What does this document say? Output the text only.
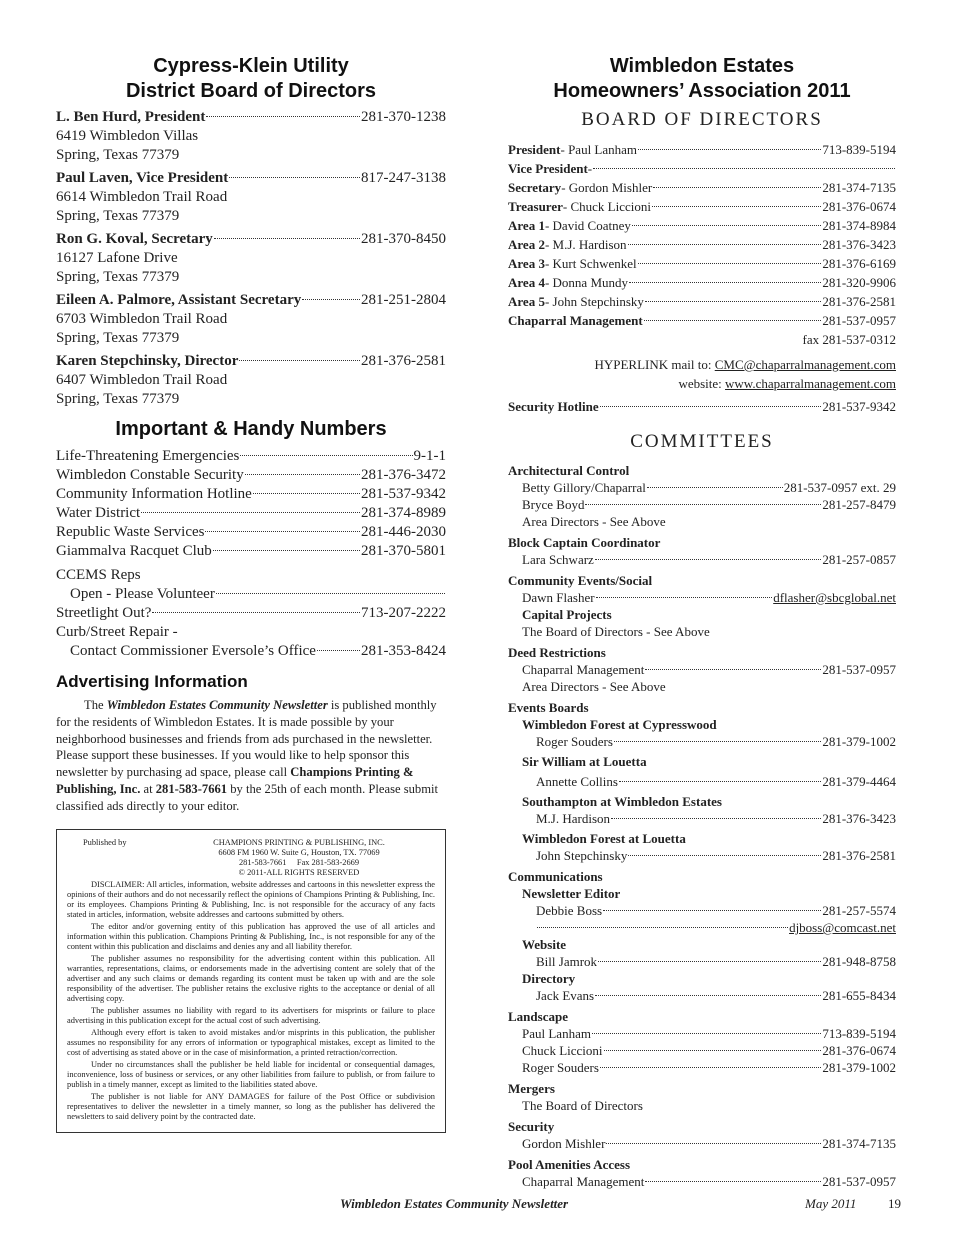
Cypress-Klein Utility
District Board of Directors
L. Ben Hurd, President	281-370-1238
6419 Wimbledon Villas
Spring, Texas 77379
Paul Laven, Vice President	817-247-3138
6614 Wimbledon Trail Road
Spring, Texas 77379
Ron G. Koval, Secretary	281-370-8450
16127 Lafone Drive
Spring, Texas 77379
Eileen A. Palmore, Assistant Secretary	281-251-2804
6703 Wimbledon Trail Road
Spring, Texas 77379
Karen Stepchinsky, Director	281-376-2581
6407 Wimbledon Trail Road
Spring, Texas 77379
Important & Handy Numbers
Life-Threatening Emergencies	9-1-1
Wimbledon Constable Security	281-376-3472
Community Information Hotline	281-537-9342
Water District	281-374-8989
Republic Waste Services	281-446-2030
Giammalva Racquet Club	281-370-5801
CCEMS Reps
Open - Please Volunteer
Streetlight Out?	713-207-2222
Curb/Street Repair -
Contact Commissioner Eversole’s Office	281-353-8424
Advertising Information
The Wimbledon Estates Community Newsletter is published monthly for the residents of Wimbledon Estates. It is made possible by your neighborhood businesses and friends from ads purchased in the newsletter. Please support these businesses. If you would like to help sponsor this newsletter by purchasing ad space, please call Champions Printing & Publishing, Inc. at 281-583-7661 by the 25th of each month. Please submit classified ads directly to your editor.
Published by	CHAMPIONS PRINTING & PUBLISHING, INC.
6608 FM 1960 W. Suite G, Houston, TX. 77069
281-583-7661     Fax 281-583-2669
© 2011-ALL RIGHTS RESERVED

DISCLAIMER: All articles, information, website addresses and cartoons in this newsletter express the opinions of their authors and do not necessarily reflect the opinions of Champions Printing & Publishing, Inc. or its employees. Champions Printing & Publishing, Inc. is not responsible for the accuracy of any facts stated in articles, information, website addresses and cartoons submitted by others.

The editor and/or governing entity of this publication has approved the use of all articles and information within this publication. Champions Printing & Publishing, Inc., is not responsible for any of the content within this publication and disclaims and denies any and all liability therefor.

The publisher assumes no responsibility for the advertising content within this publication. All warranties, representations, claims, or endorsements made in the advertising content are solely that of the advertiser and any such claims or demands regarding its content must be taken up with and are the sole responsibility of the advertiser. The publisher retains the exclusive rights to the acceptance or denial of all advertising copy.

The publisher assumes no liability with regard to its advertisers for misprints or failure to place advertising in this publication except for the actual cost of such advertising.

Although every effort is taken to avoid mistakes and/or misprints in this publication, the publisher assumes no responsibility for any errors of information or typographical mistakes, except as limited to the cost of advertising as stated above or in the case of misinformation, a printed retraction/correction.

Under no circumstances shall the publisher be held liable for incidental or consequential damages, inconvenience, loss of business or services, or any other liabilities from failure to publish, or from failure to publish in a timely manner, except as limited to the liabilities stated above.

The publisher is not liable for ANY DAMAGES for failure of the Post Office or subdivision representatives to deliver the newsletter in a timely manner, so long as the publisher has delivered the newsletters to said delivery point by the contracted date.

Wimbledon Estates
Homeowners’ Association 2011
BOARD OF DIRECTORS
President - Paul Lanham	713-839-5194
Vice President -
Secretary - Gordon Mishler	281-374-7135
Treasurer - Chuck Liccioni	281-376-0674
Area 1 - David Coatney	281-374-8984
Area 2 - M.J. Hardison	281-376-3423
Area 3 - Kurt Schwenkel	281-376-6169
Area 4 - Donna Mundy	281-320-9906
Area 5 - John Stepchinsky	281-376-2581
Chaparral Management	281-537-0957
fax 281-537-0312
HYPERLINK mail to: CMC@chaparralmanagement.com
website: www.chaparralmanagement.com
Security Hotline	281-537-9342
COMMITTEES
Architectural Control
Betty Gillory/Chaparral	281-537-0957 ext. 29
Bryce Boyd	281-257-8479
Area Directors - See Above
Block Captain Coordinator
Lara Schwarz	281-257-0857
Community Events/Social
Dawn Flasher	dflasher@sbcglobal.net
Capital Projects
The Board of Directors - See Above
Deed Restrictions
Chaparral Management	281-537-0957
Area Directors - See Above
Events Boards
Wimbledon Forest at Cypresswood
Roger Souders	281-379-1002
Sir William at Louetta
Annette Collins	281-379-4464
Southampton at Wimbledon Estates
M.J. Hardison	281-376-3423
Wimbledon Forest at Louetta
John Stepchinsky	281-376-2581
Communications
Newsletter Editor
Debbie Boss	281-257-5574
djboss@comcast.net
Website
Bill Jamrok	281-948-8758
Directory
Jack Evans	281-655-8434
Landscape
Paul Lanham	713-839-5194
Chuck Liccioni	281-376-0674
Roger Souders	281-379-1002
Mergers
The Board of Directors
Security
Gordon Mishler	281-374-7135
Pool Amenities Access
Chaparral Management	281-537-0957
Wimbledon Estates Community Newsletter	May 2011 19
